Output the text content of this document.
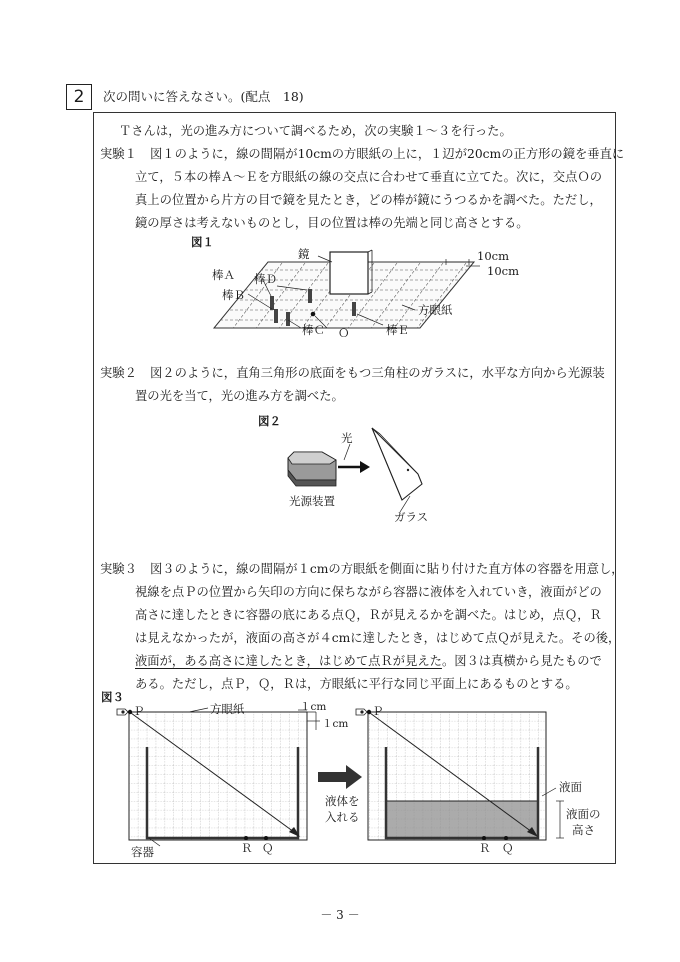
2	次の問いに答えなさい。(配点　18)
Ｔさんは，光の進み方について調べるため，次の実験１～３を行った。
実験１ 図１のように，線の間隔が10cmの方眼紙の上に，１辺が20cmの正方形の鏡を垂直に
立て，５本の棒Ａ～Ｅを方眼紙の線の交点に合わせて垂直に立てた。次に，交点Ｏの
真上の位置から片方の目で鏡を見たとき，どの棒が鏡にうつるかを調べた。ただし，
鏡の厚さは考えないものとし，目の位置は棒の先端と同じ高さとする。
図１
鏡	10cm
10cm
棒Ａ 棒Ｄ
棒Ｂ
方眼紙
棒Ｃ Ｏ	棒Ｅ
実験２ 図２のように，直角三角形の底面をもつ三角柱のガラスに，水平な方向から光源装
置の光を当て，光の進み方を調べた。
図２
光
光源装置
ガラス
実験３ 図３のように，線の間隔が１cmの方眼紙を側面に貼り付けた直方体の容器を用意し，
視線を点Ｐの位置から矢印の方向に保ちながら容器に液体を入れていき，液面がどの
高さに達したときに容器の底にある点Ｑ，Ｒが見えるかを調べた。はじめ，点Ｑ，Ｒ
は見えなかったが，液面の高さが４cmに達したとき，はじめて点Ｑが見えた。その後，
液面が，ある高さに達したとき，はじめて点Ｒが見えた。図３は真横から見たもので
ある。ただし，点Ｐ，Ｑ，Ｒは，方眼紙に平行な同じ平面上にあるものとする。
図３
Ｐ	方眼紙	１cm
１cm
Ｐ
液体を
入れる
液面
液面の
高さ
容器	Ｒ Ｑ	Ｒ Ｑ
－ 3 －
